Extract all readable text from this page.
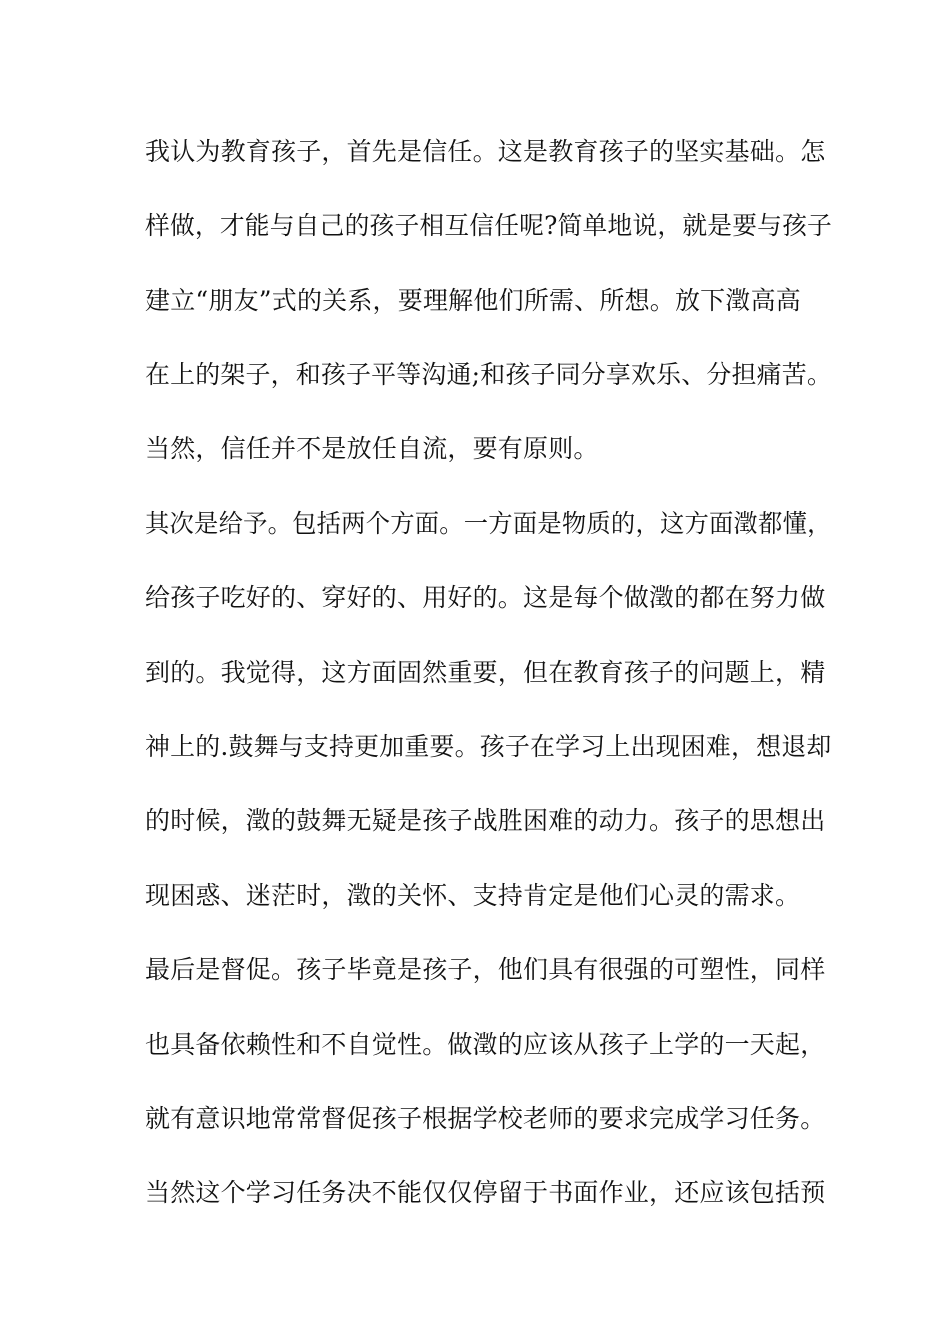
我认为教育孩子，首先是信任。这是教育孩子的坚实基础。怎
样做，才能与自己的孩子相互信任呢?简单地说，就是要与孩子
建立“朋友”式的关系，要理解他们所需、所想。放下澂高高
在上的架子，和孩子平等沟通;和孩子同分享欢乐、分担痛苦。
当然，信任并不是放任自流，要有原则。
其次是给予。包括两个方面。一方面是物质的，这方面澂都懂，
给孩子吃好的、穿好的、用好的。这是每个做澂的都在努力做
到的。我觉得，这方面固然重要，但在教育孩子的问题上，精
神上的.鼓舞与支持更加重要。孩子在学习上出现困难，想退却
的时候，澂的鼓舞无疑是孩子战胜困难的动力。孩子的思想出
现困惑、迷茫时，澂的关怀、支持肯定是他们心灵的需求。
最后是督促。孩子毕竟是孩子，他们具有很强的可塑性，同样
也具备依赖性和不自觉性。做澂的应该从孩子上学的一天起，
就有意识地常常督促孩子根据学校老师的要求完成学习任务。
当然这个学习任务决不能仅仅停留于书面作业，还应该包括预
